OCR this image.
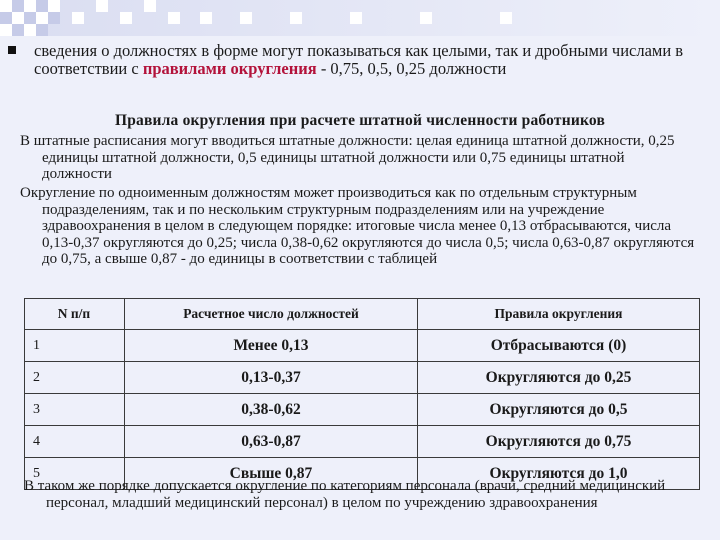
сведения о должностях в форме могут показываться как целыми, так и дробными числами в соответствии с правилами округления - 0,75, 0,5, 0,25 должности
Правила округления при расчете штатной численности работников
В штатные расписания могут вводиться штатные должности: целая единица штатной должности, 0,25 единицы штатной должности, 0,5 единицы штатной должности или 0,75 единицы штатной должности
Округление по одноименным должностям может производиться как по отдельным структурным подразделениям, так и по нескольким структурным подразделениям или на учреждение здравоохранения в целом в следующем порядке: итоговые числа менее 0,13 отбрасываются, числа 0,13-0,37 округляются до 0,25; числа 0,38-0,62 округляются до числа 0,5; числа 0,63-0,87 округляются до 0,75, а свыше 0,87 - до единицы в соответствии с таблицей
N п/п	Расчетное число должностей	Правила округления
1	Менее 0,13	Отбрасываются (0)
2	0,13-0,37	Округляются до 0,25
3	0,38-0,62	Округляются до 0,5
4	0,63-0,87	Округляются до 0,75
5	Свыше 0,87	Округляются до 1,0
В таком же порядке допускается округление по категориям персонала (врачи, средний медицинский персонал, младший медицинский персонал) в целом по учреждению здравоохранения
